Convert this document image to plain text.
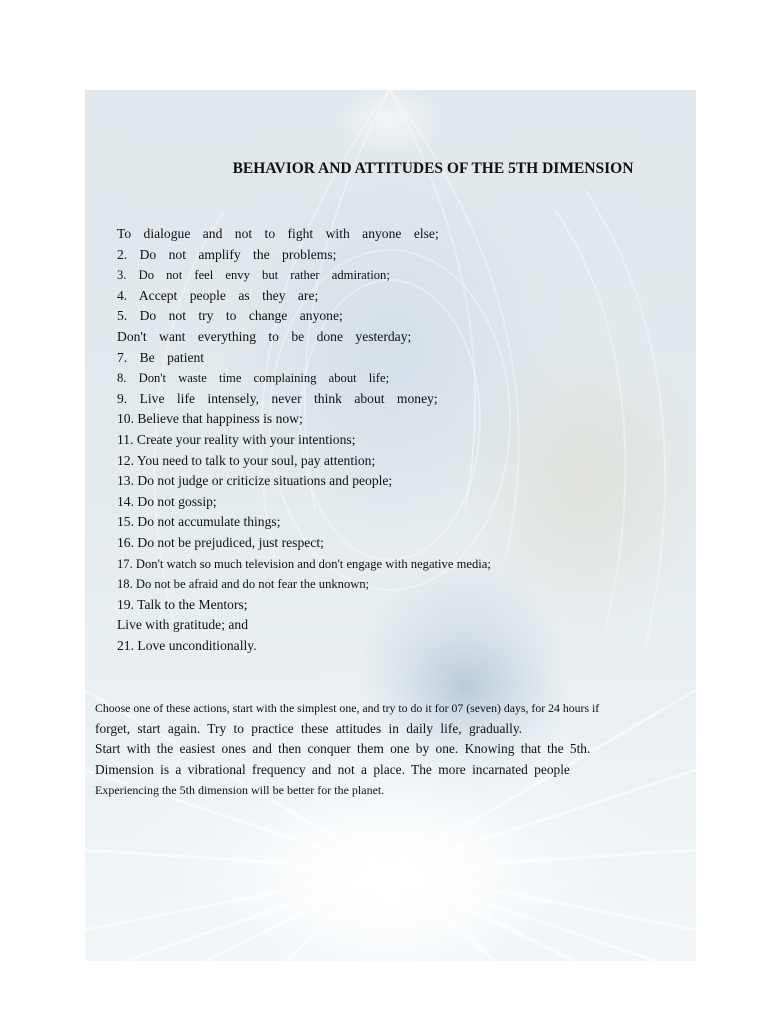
BEHAVIOR AND ATTITUDES OF THE 5TH DIMENSION
To dialogue and not to fight with anyone else;
2. Do not amplify the problems;
3. Do not feel envy but rather admiration;
4. Accept people as they are;
5. Do not try to change anyone;
Don't want everything to be done yesterday;
7. Be patient
8. Don't waste time complaining about life;
9. Live life intensely, never think about money;
10. Believe that happiness is now;
11. Create your reality with your intentions;
12. You need to talk to your soul, pay attention;
13. Do not judge or criticize situations and people;
14. Do not gossip;
15. Do not accumulate things;
16. Do not be prejudiced, just respect;
17. Don't watch so much television and don't engage with negative media;
18. Do not be afraid and do not fear the unknown;
19. Talk to the Mentors;
Live with gratitude; and
21. Love unconditionally.
Choose one of these actions, start with the simplest one, and try to do it for 07 (seven) days, for 24 hours if
forget, start again. Try to practice these attitudes in daily life, gradually.
Start with the easiest ones and then conquer them one by one. Knowing that the 5th.
Dimension is a vibrational frequency and not a place. The more incarnated people
Experiencing the 5th dimension will be better for the planet.
